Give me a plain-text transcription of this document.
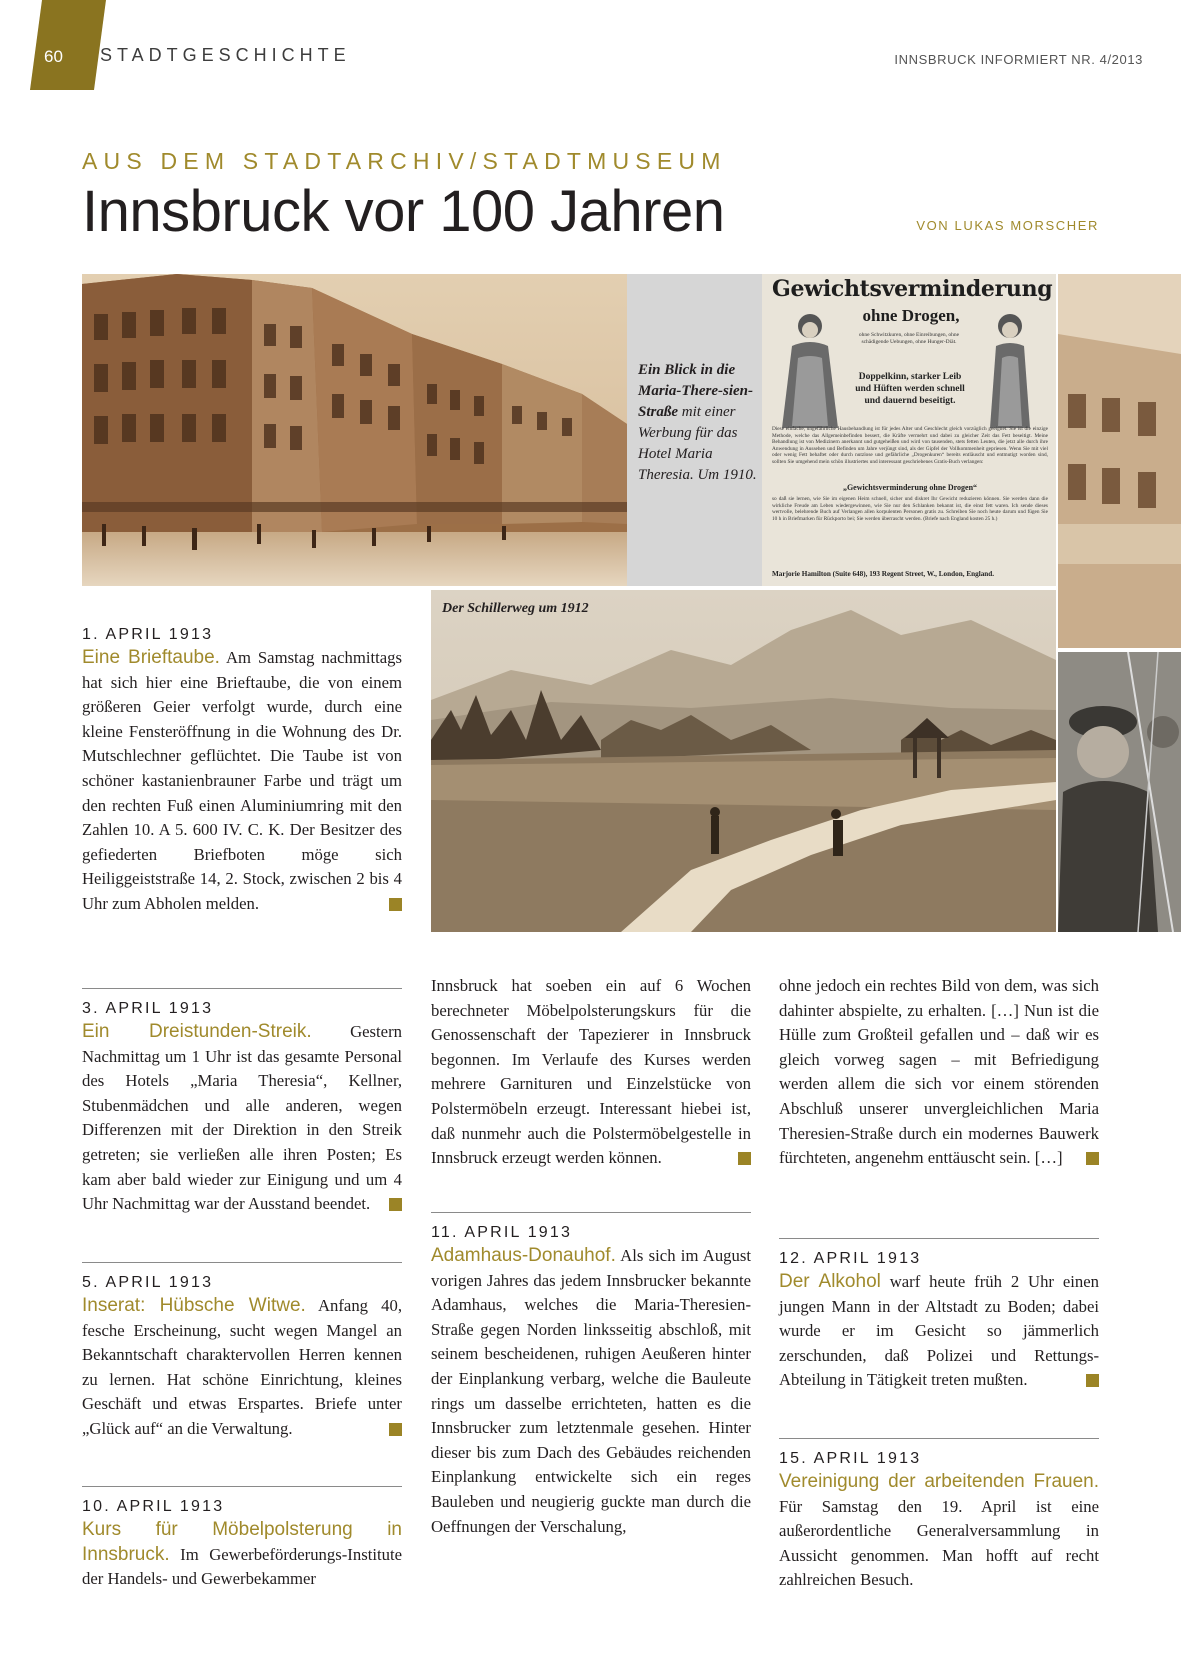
60 STADTGESCHICHTE	INNSBRUCK INFORMIERT NR. 4/2013
AUS DEM STADTARCHIV/STADTMUSEUM
Innsbruck vor 100 Jahren	VON LUKAS MORSCHER
Ein Blick in die Maria-There-sien-Straße mit einer Werbung für das Hotel Maria Theresia. Um 1910.
Gewichtsverminderung
ohne Drogen,
ohne Schwitzkuren, ohne Einreibungen, ohne schädigende Uebungen, ohne Hunger-Diät.
Doppelkinn, starker Leib und Hüften werden schnell und dauernd beseitigt.
Diese einfache, ungefährliche Hausbehandlung ist für jedes Alter und Geschlecht gleich vorzüglich geeignet. Sie ist die einzige Methode, welche das Allgemeinbefinden bessert, die Kräfte vermehrt und dabei zu gleicher Zeit das Fett beseitigt. Meine Behandlung ist von Medizinern anerkannt und gutgeheißen und wird von tausenden, stets fetten Leuten, die jetzt alle durch ihre Anwendung in Aussehen und Befinden um Jahre verjüngt sind, als der Gipfel der Vollkommenheit gepriesen. Wenn Sie mit viel oder wenig Fett behaftet oder durch nutzlose und gefährliche „Drogenkuren“ bereits entläuscht und entmutigt worden sind, sollten Sie umgehend mein schön illustriertes und interessant geschriebenes Gratis-Buch verlangen:
„Gewichtsverminderung ohne Drogen“
so daß sie lernen, wie Sie im eigenen Heim schnell, sicher und diskret Ihr Gewicht reduzieren können. Sie werden dann die wirkliche Freude am Leben wiedergewinnen, wie Sie nur den Schlanken bekannt ist, die einst fett waren. Ich sende dieses wertvolle, belehrende Buch auf Verlangen allen korpulenten Personen gratis zu. Schreiben Sie noch heute darum und fügen Sie 10 h in Briefmarken für Rückporto bei; Sie werden überrascht werden. (Briefe nach England kosten 25 h.)
Marjorie Hamilton (Suite 648), 193 Regent Street, W., London, England.
Der Schillerweg um 1912
1. APRIL 1913

Eine Brieftaube. Am Samstag nachmittags hat sich hier eine Brieftaube, die von einem größeren Geier verfolgt wurde, durch eine kleine Fensteröffnung in die Wohnung des Dr. Mutschlechner geflüchtet. Die Taube ist von schöner kastanienbrauner Farbe und trägt um den rechten Fuß einen Aluminiumring mit den Zahlen 10. A 5. 600 IV. C. K. Der Besitzer des gefiederten Briefboten möge sich Heiliggeiststraße 14, 2. Stock, zwischen 2 bis 4 Uhr zum Abholen melden.

3. APRIL 1913

Ein Dreistunden-Streik. Gestern Nachmittag um 1 Uhr ist das gesamte Personal des Hotels „Maria Theresia“, Kellner, Stubenmädchen und alle anderen, wegen Differenzen mit der Direktion in den Streik getreten; sie verließen alle ihren Posten; Es kam aber bald wieder zur Einigung und um 4 Uhr Nachmittag war der Ausstand beendet.

5. APRIL 1913

Inserat: Hübsche Witwe. Anfang 40, fesche Erscheinung, sucht wegen Mangel an Bekanntschaft charaktervollen Herren kennen zu lernen. Hat schöne Einrichtung, kleines Geschäft und etwas Erspartes. Briefe unter „Glück auf“ an die Verwaltung.

10. APRIL 1913

Kurs für Möbelpolsterung in Innsbruck. Im Gewerbeförderungs-Institute der Handels- und Gewerbekammer

Innsbruck hat soeben ein auf 6 Wochen berechneter Möbelpolsterungskurs für die Genossenschaft der Tapezierer in Innsbruck begonnen. Im Verlaufe des Kurses werden mehrere Garnituren und Einzelstücke von Polstermöbeln erzeugt. Interessant hiebei ist, daß nunmehr auch die Polstermöbelgestelle in Innsbruck erzeugt werden können.

11. APRIL 1913

Adamhaus-Donauhof. Als sich im August vorigen Jahres das jedem Innsbrucker bekannte Adamhaus, welches die Maria-Theresien-Straße gegen Norden linksseitig abschloß, mit seinem bescheidenen, ruhigen Aeußeren hinter der Einplankung verbarg, welche die Bauleute rings um dasselbe errichteten, hatten es die Innsbrucker zum letztenmale gesehen. Hinter dieser bis zum Dach des Gebäudes reichenden Einplankung entwickelte sich ein reges Bauleben und neugierig guckte man durch die Oeffnungen der Verschalung,

ohne jedoch ein rechtes Bild von dem, was sich dahinter abspielte, zu erhalten. […] Nun ist die Hülle zum Großteil gefallen und – daß wir es gleich vorweg sagen – mit Befriedigung werden allem die sich vor einem störenden Abschluß unserer unvergleichlichen Maria Theresien-Straße durch ein modernes Bauwerk fürchteten, angenehm enttäuscht sein. […]

12. APRIL 1913

Der Alkohol warf heute früh 2 Uhr einen jungen Mann in der Altstadt zu Boden; dabei wurde er im Gesicht so jämmerlich zerschunden, daß Polizei und Rettungs-Abteilung in Tätigkeit treten mußten.

15. APRIL 1913

Vereinigung der arbeitenden Frauen. Für Samstag den 19. April ist eine außerordentliche Generalversammlung in Aussicht genommen. Man hofft auf recht zahlreichen Besuch.
